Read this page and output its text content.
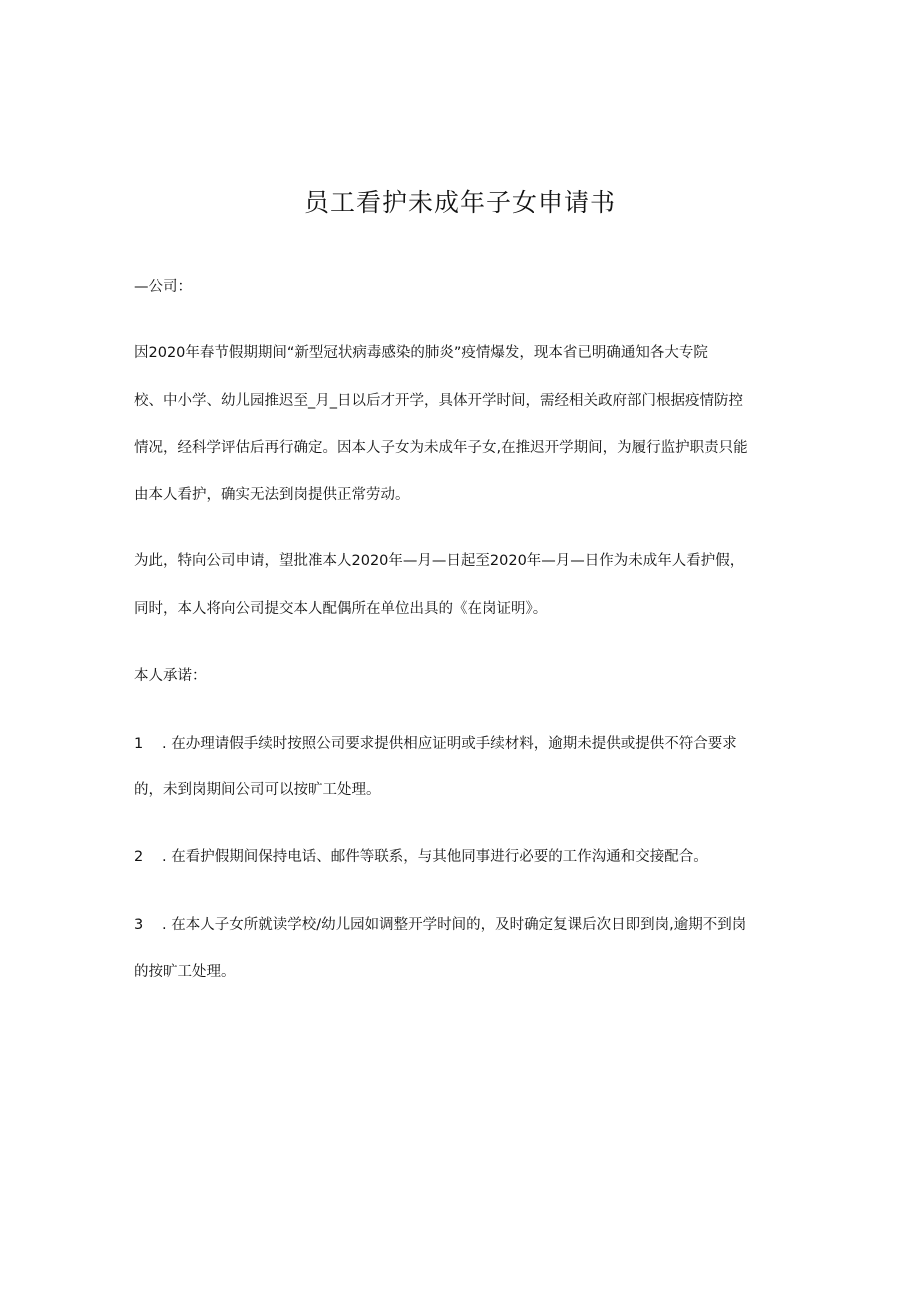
员工看护未成年子女申请书

—公司：

因2020年春节假期期间“新型冠状病毒感染的肺炎”疫情爆发，现本省已明确通知各大专院

校、中小学、幼儿园推迟至_月_日以后才开学，具体开学时间，需经相关政府部门根据疫情防控

情况，经科学评估后再行确定。因本人子女为未成年子女,在推迟开学期间，为履行监护职责只能

由本人看护，确实无法到岗提供正常劳动。

为此，特向公司申请，望批准本人2020年—月—日起至2020年—月—日作为未成年人看护假，

同时，本人将向公司提交本人配偶所在单位出具的《在岗证明》。

本人承诺：

1 . 在办理请假手续时按照公司要求提供相应证明或手续材料，逾期未提供或提供不符合要求

的，未到岗期间公司可以按旷工处理。

2 . 在看护假期间保持电话、邮件等联系，与其他同事进行必要的工作沟通和交接配合。

3 . 在本人子女所就读学校/幼儿园如调整开学时间的，及时确定复课后次日即到岗,逾期不到岗

的按旷工处理。
